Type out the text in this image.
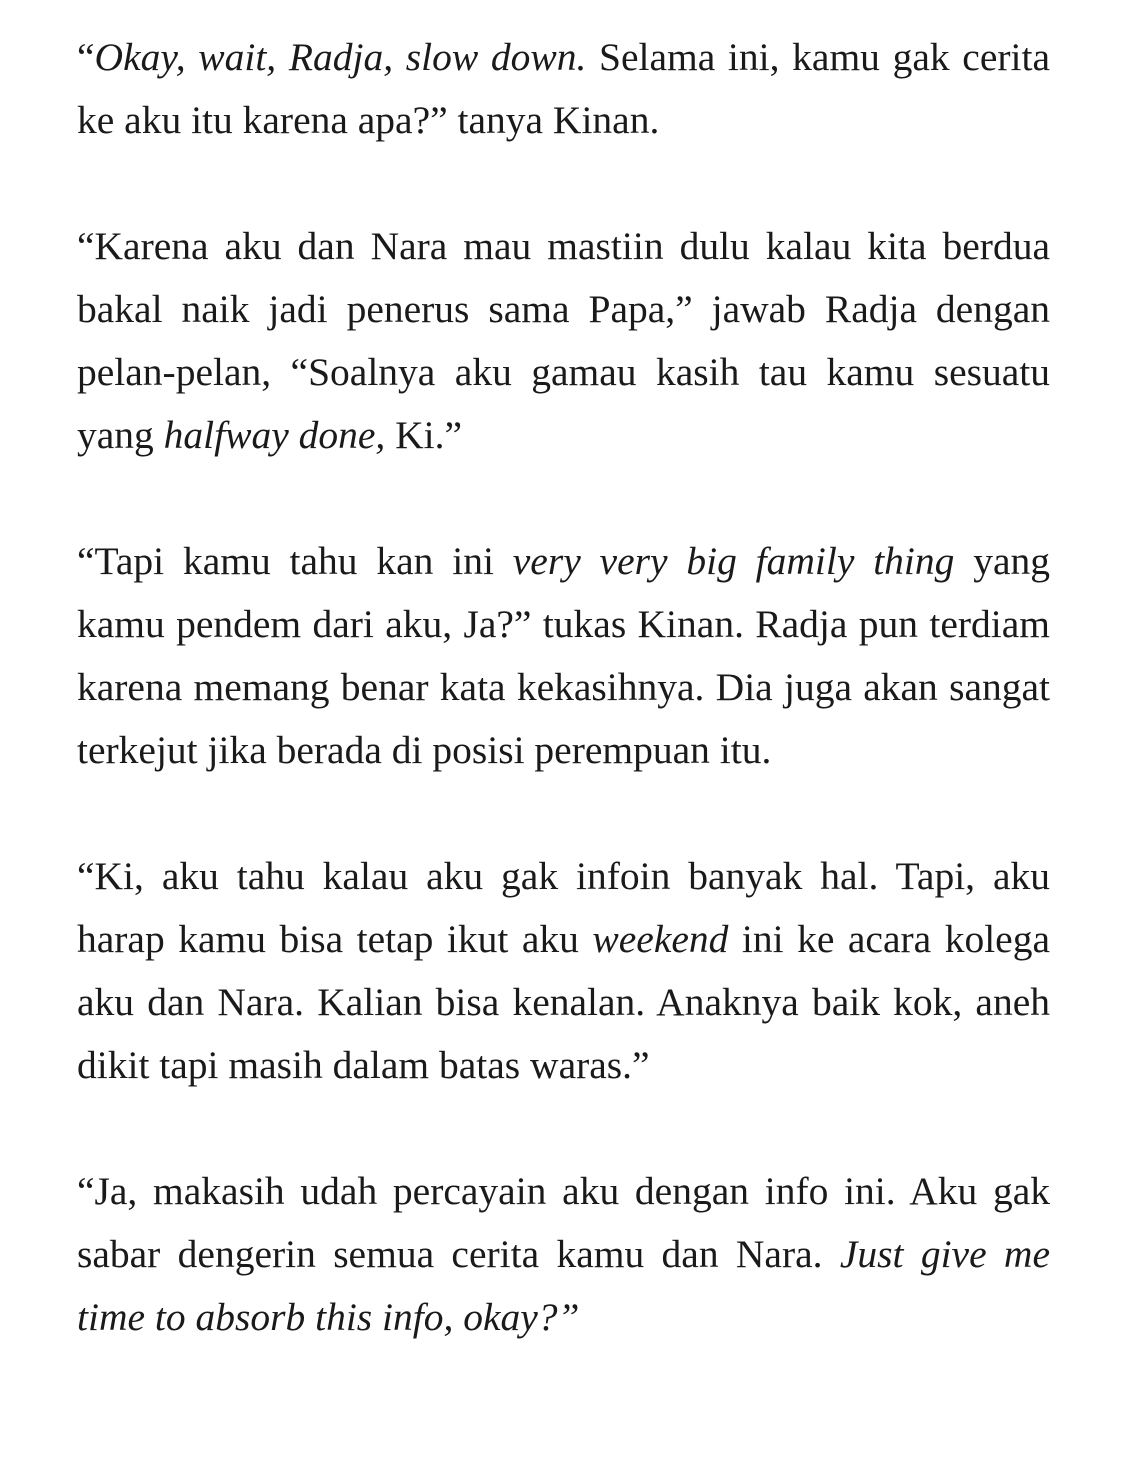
“Okay, wait, Radja, slow down. Selama ini, kamu gak cerita ke aku itu karena apa?” tanya Kinan.

“Karena aku dan Nara mau mastiin dulu kalau kita berdua bakal naik jadi penerus sama Papa,” jawab Radja dengan pelan-pelan, “Soalnya aku gamau kasih tau kamu sesuatu yang halfway done, Ki.”

“Tapi kamu tahu kan ini very very big family thing yang kamu pendem dari aku, Ja?” tukas Kinan. Radja pun terdiam karena memang benar kata kekasihnya. Dia juga akan sangat terkejut jika berada di posisi perempuan itu.

“Ki, aku tahu kalau aku gak infoin banyak hal. Tapi, aku harap kamu bisa tetap ikut aku weekend ini ke acara kolega aku dan Nara. Kalian bisa kenalan. Anaknya baik kok, aneh dikit tapi masih dalam batas waras.”

“Ja, makasih udah percayain aku dengan info ini. Aku gak sabar dengerin semua cerita kamu dan Nara. Just give me time to absorb this info, okay?”
